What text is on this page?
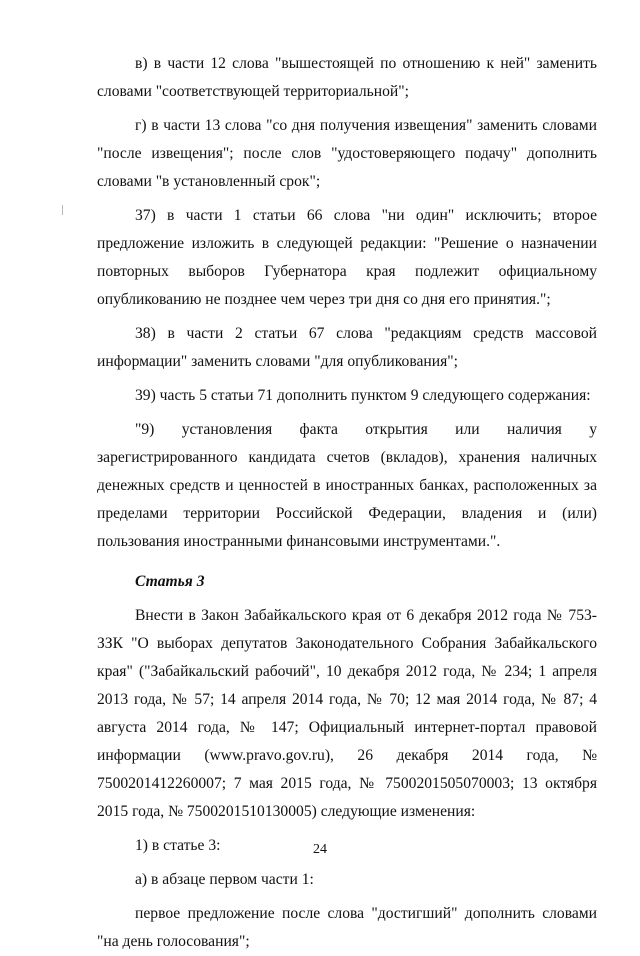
в) в части 12 слова "вышестоящей по отношению к ней" заменить словами "соответствующей территориальной";

г) в части 13 слова "со дня получения извещения" заменить словами "после извещения"; после слов "удостоверяющего подачу" дополнить словами "в установленный срок";

37) в части 1 статьи 66 слова "ни один" исключить; второе предложение изложить в следующей редакции: "Решение о назначении повторных выборов Губернатора края подлежит официальному опубликованию не позднее чем через три дня со дня его принятия.";

38) в части 2 статьи 67 слова "редакциям средств массовой информации" заменить словами "для опубликования";

39) часть 5 статьи 71 дополнить пунктом 9 следующего содержания:

"9) установления факта открытия или наличия у зарегистрированного кандидата счетов (вкладов), хранения наличных денежных средств и ценностей в иностранных банках, расположенных за пределами территории Российской Федерации, владения и (или) пользования иностранными финансовыми инструментами.".

Статья 3

Внести в Закон Забайкальского края от 6 декабря 2012 года № 753-ЗЗК "О выборах депутатов Законодательного Собрания Забайкальского края" ("Забайкальский рабочий", 10 декабря 2012 года, № 234; 1 апреля 2013 года, № 57; 14 апреля 2014 года, № 70; 12 мая 2014 года, № 87; 4 августа 2014 года, № 147; Официальный интернет-портал правовой информации (www.pravo.gov.ru), 26 декабря 2014 года, № 7500201412260007; 7 мая 2015 года, № 7500201505070003; 13 октября 2015 года, № 7500201510130005) следующие изменения:

1) в статье 3:

а) в абзаце первом части 1:

первое предложение после слова "достигший" дополнить словами "на день голосования";

24
